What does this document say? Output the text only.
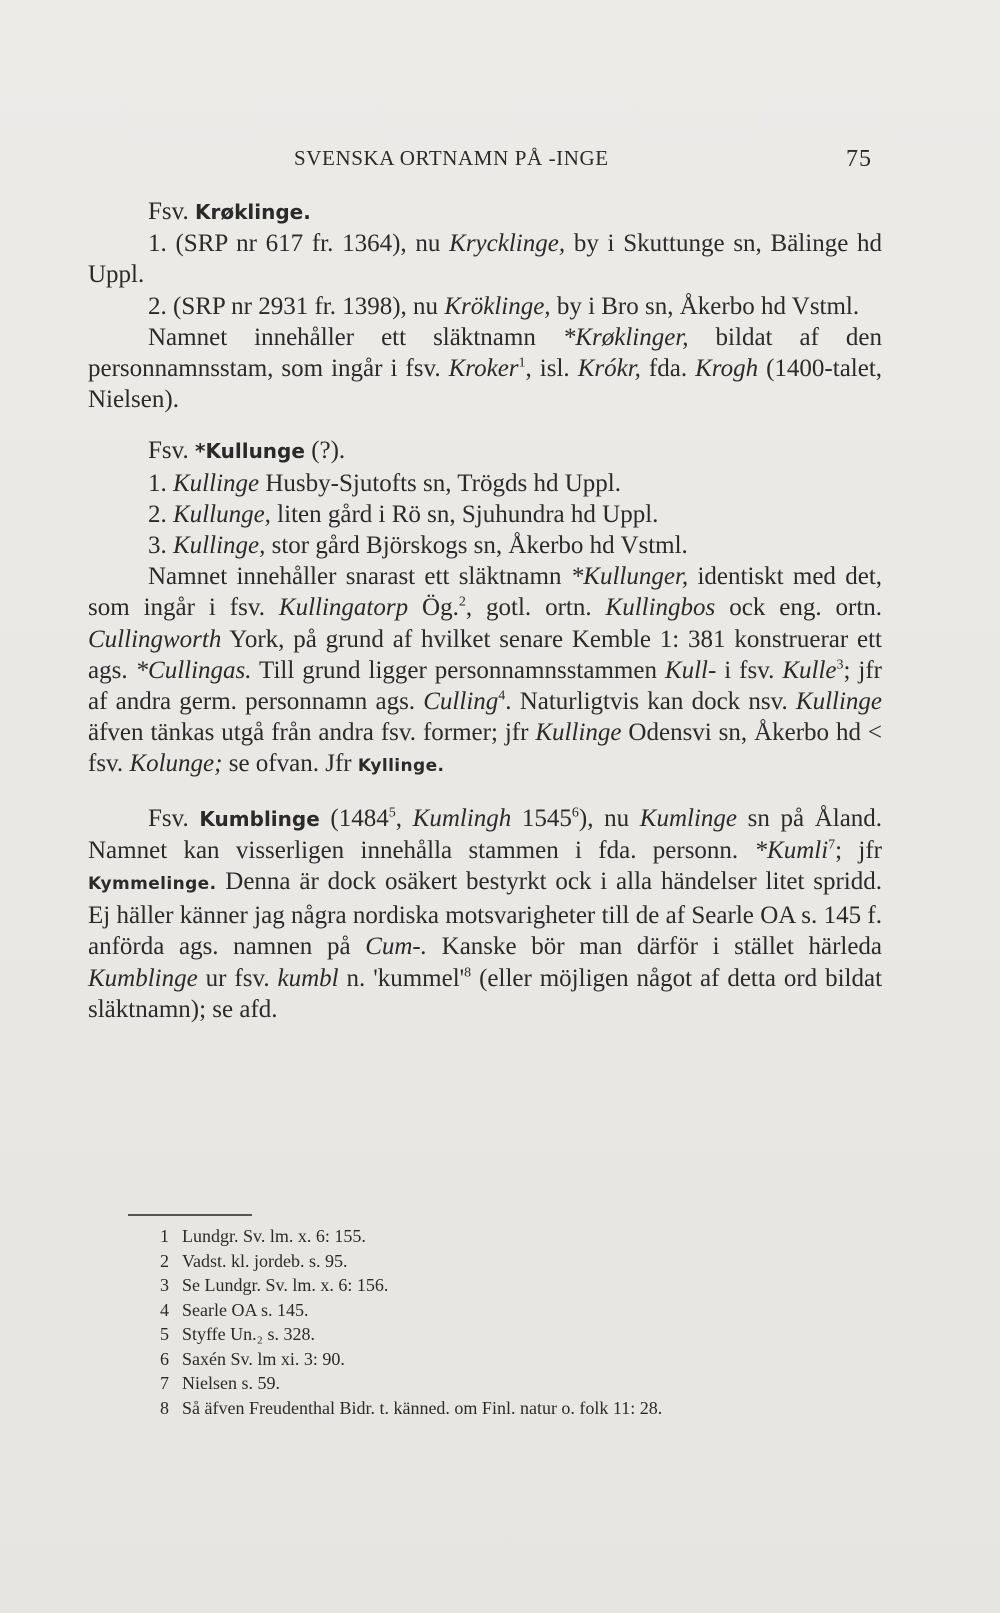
SVENSKA ORTNAMN PÅ -INGE	75

Fsv. Krøklinge.

1. (SRP nr 617 fr. 1364), nu Krycklinge, by i Skuttunge sn, Bälinge hd Uppl.

2. (SRP nr 2931 fr. 1398), nu Kröklinge, by i Bro sn, Åkerbo hd Vstml.

Namnet innehåller ett släktnamn *Krøklinger, bildat af den personnamnsstam, som ingår i fsv. Kroker$^1$, isl. Krókr, fda. Krogh (1400-talet, Nielsen).

Fsv. *Kullunge (?).

1. Kullinge Husby-Sjutofts sn, Trögds hd Uppl.

2. Kullunge, liten gård i Rö sn, Sjuhundra hd Uppl.

3. Kullinge, stor gård Björskogs sn, Åkerbo hd Vstml.

Namnet innehåller snarast ett släktnamn *Kullunger, identiskt med det, som ingår i fsv. Kullingatorp Ög.$^2$, gotl. ortn. Kullingbos ock eng. ortn. Cullingworth York, på grund af hvilket senare Kemble 1: 381 konstruerar ett ags. *Cullingas. Till grund ligger personnamnsstammen Kull- i fsv. Kulle$^3$; jfr af andra germ. personnamn ags. Culling$^4$. Naturligtvis kan dock nsv. Kullinge äfven tänkas utgå från andra fsv. former; jfr Kullinge Odensvi sn, Åkerbo hd < fsv. Kolunge; se ofvan. Jfr Kyllinge.

Fsv. Kumblinge (1484$^5$, Kumlingh 1545$^6$), nu Kumlinge sn på Åland. Namnet kan visserligen innehålla stammen i fda. personn. *Kumli$^7$; jfr Kymmelinge. Denna är dock osäkert bestyrkt ock i alla händelser litet spridd. Ej häller känner jag några nordiska motsvarigheter till de af Searle OA s. 145 f. anförda ags. namnen på Cum-. Kanske bör man därför i stället härleda Kumblinge ur fsv. kumbl n. '$kummel'^8$ (eller möjligen något af detta ord bildat släktnamn); se afd.

1 Lundgr. Sv. lm. x. 6: 155.
2 Vadst. kl. jordeb. s. 95.
3 Se Lundgr. Sv. lm. x. 6: 156.
4 Searle OA s. 145.
5 Styffe Un.₂ s. 328.
6 Saxén Sv. lm xi. 3: 90.
7 Nielsen s. 59.
8 Så äfven Freudenthal Bidr. t. känned. om Finl. natur o. folk 11: 28.
